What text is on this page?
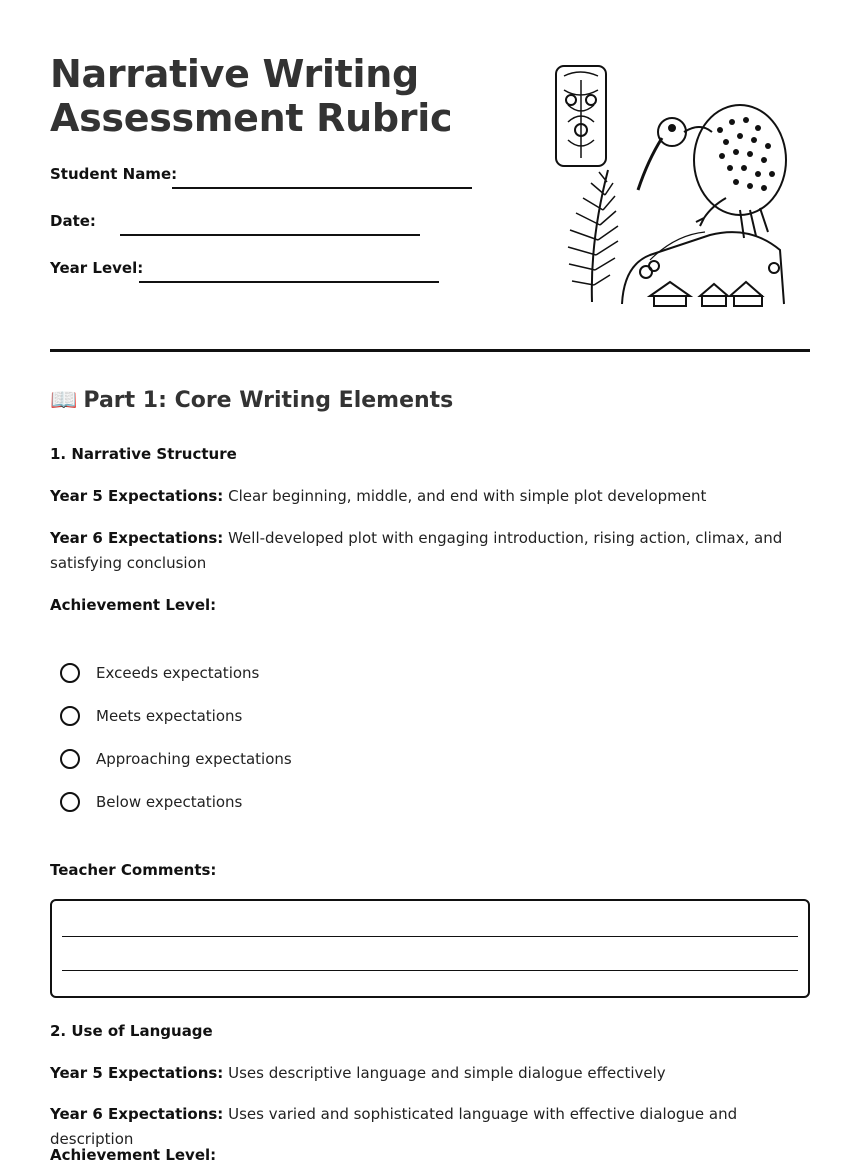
Narrative Writing
Assessment Rubric
Student Name:
Date:
Year Level:
📖 Part 1: Core Writing Elements
1. Narrative Structure
Year 5 Expectations: Clear beginning, middle, and end with simple plot development
Year 6 Expectations: Well-developed plot with engaging introduction, rising action, climax, and satisfying conclusion
Achievement Level:
Exceeds expectations
Meets expectations
Approaching expectations
Below expectations
Teacher Comments:
2. Use of Language
Year 5 Expectations: Uses descriptive language and simple dialogue effectively
Year 6 Expectations: Uses varied and sophisticated language with effective dialogue and description
Achievement Level:
